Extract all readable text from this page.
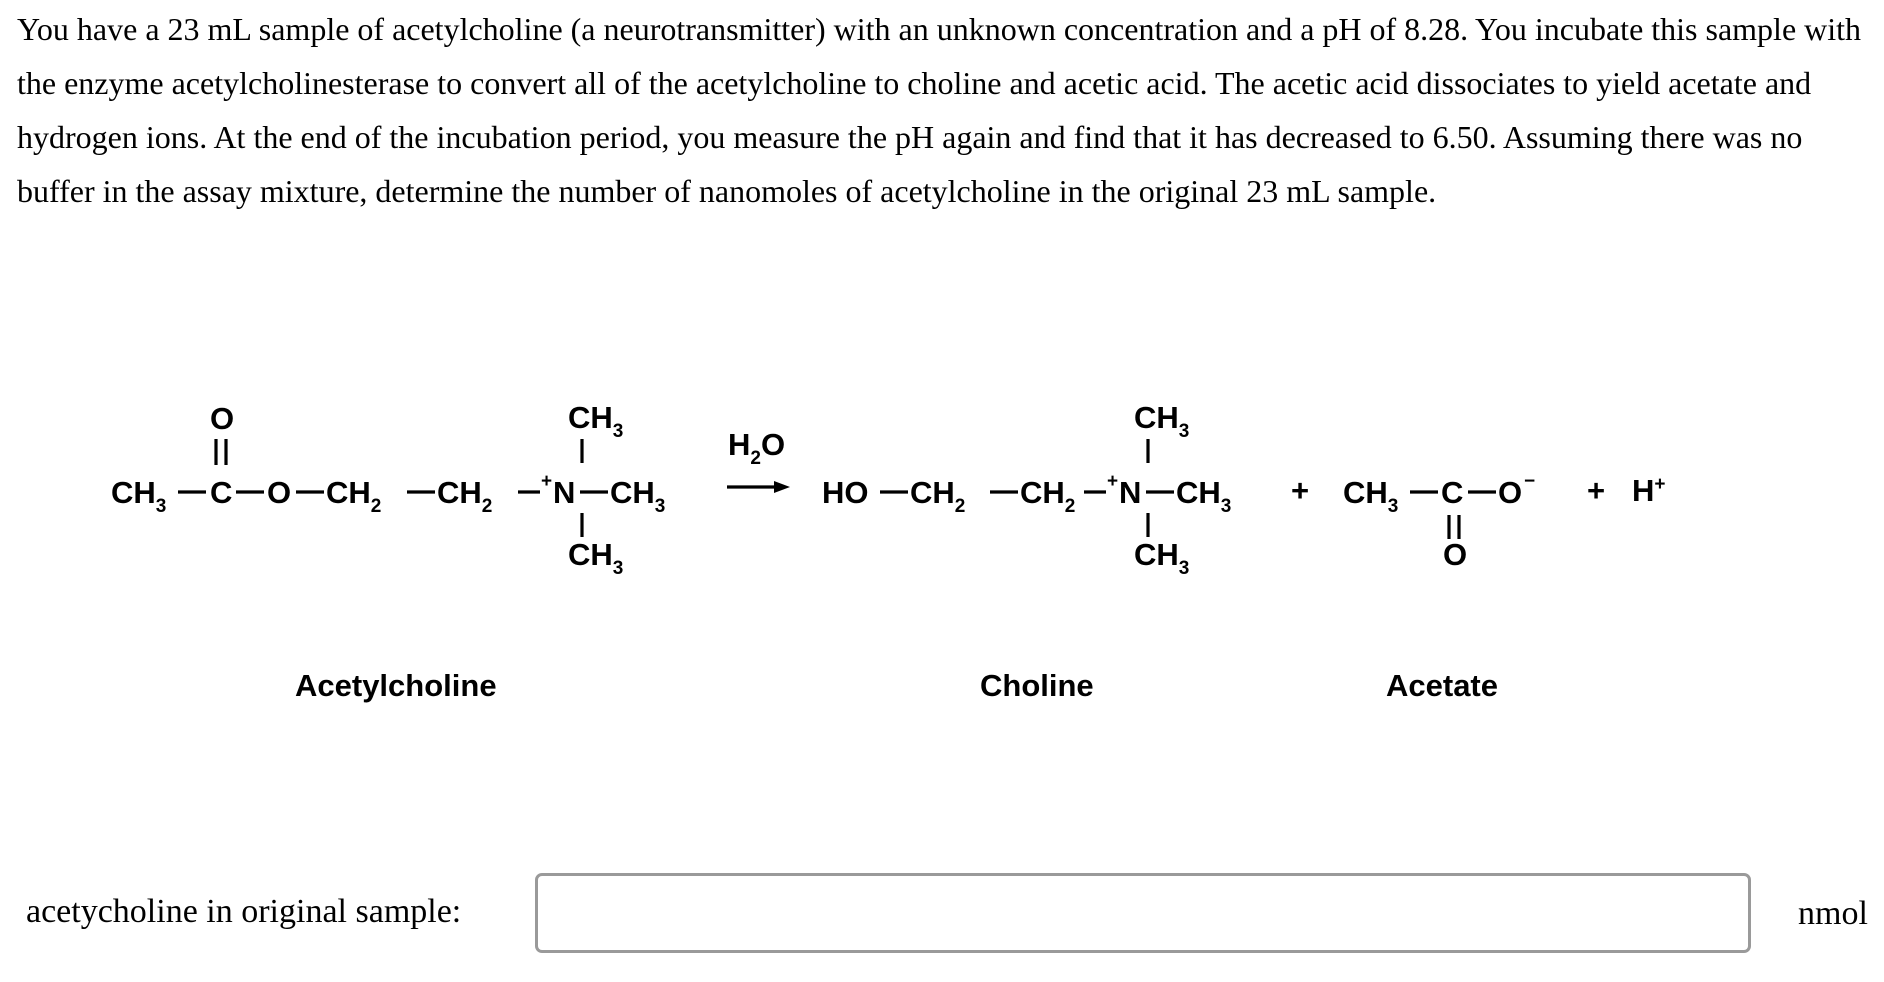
You have a 23 mL sample of acetylcholine (a neurotransmitter) with an unknown concentration and a pH of 8.28. You incubate this sample with the enzyme acetylcholinesterase to convert all of the acetylcholine to choline and acetic acid. The acetic acid dissociates to yield acetate and hydrogen ions. At the end of the incubation period, you measure the pH again and find that it has decreased to 6.50. Assuming there was no buffer in the assay mixture, determine the number of nanomoles of acetylcholine in the original 23 mL sample.

O
$CH_3$ C O $CH_2$ $CH_2$
+ N $CH_3$
$CH_3$
$CH_3$
$H_2O$
HO $CH_2$ $CH_2$
+ N $CH_3$
$CH_3$
$CH_3$
+ $CH_3$ C O −
O
+ H+
Acetylcholine	Choline	Acetate
acetycholine in original sample:	nmol
